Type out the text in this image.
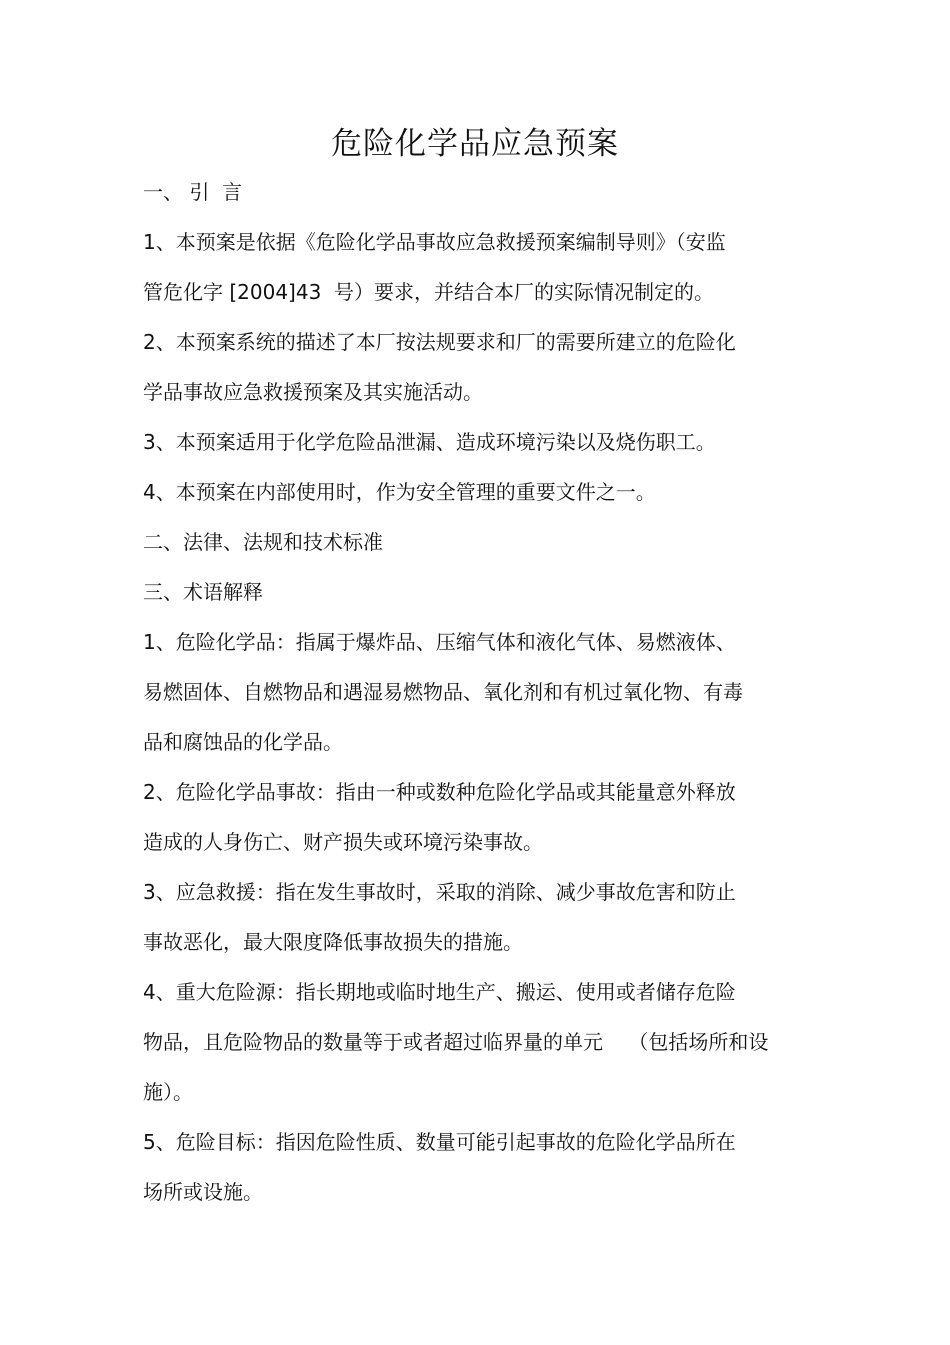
危险化学品应急预案

一、 引  言

1、本预案是依据《危险化学品事故应急救援预案编制导则》（安监

管危化字 [2004]43  号）要求，并结合本厂的实际情况制定的。

2、本预案系统的描述了本厂按法规要求和厂的需要所建立的危险化

学品事故应急救援预案及其实施活动。

3、本预案适用于化学危险品泄漏、造成环境污染以及烧伤职工。

4、本预案在内部使用时，作为安全管理的重要文件之一。

二、法律、法规和技术标准

三、术语解释

1、危险化学品：指属于爆炸品、压缩气体和液化气体、易燃液体、

易燃固体、自燃物品和遇湿易燃物品、氧化剂和有机过氧化物、有毒

品和腐蚀品的化学品。

2、危险化学品事故：指由一种或数种危险化学品或其能量意外释放

造成的人身伤亡、财产损失或环境污染事故。

3、应急救援：指在发生事故时，采取的消除、减少事故危害和防止

事故恶化，最大限度降低事故损失的措施。

4、重大危险源：指长期地或临时地生产、搬运、使用或者储存危险

物品，且危险物品的数量等于或者超过临界量的单元    （包括场所和设

施）。

5、危险目标：指因危险性质、数量可能引起事故的危险化学品所在

场所或设施。
